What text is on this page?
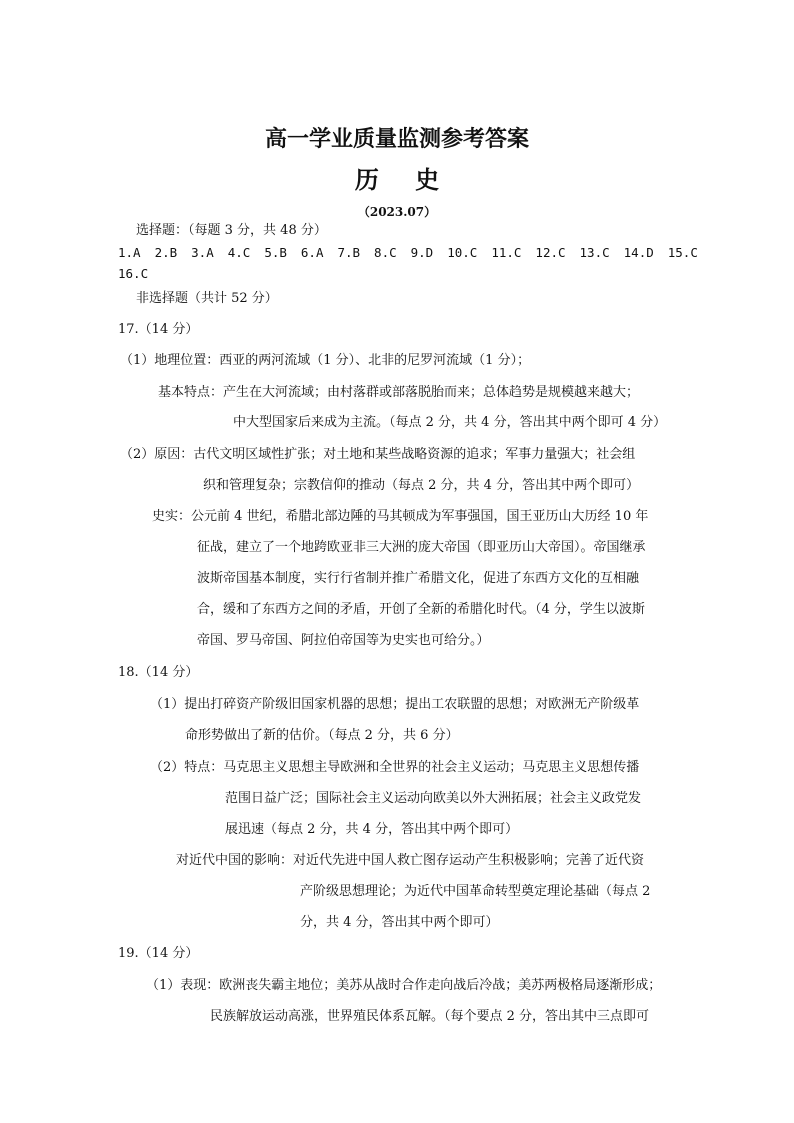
高一学业质量监测参考答案
历 史
（2023.07）
选择题：（每题 3 分，共 48 分）
1.A 2.B 3.A 4.C 5.B 6.A 7.B 8.C 9.D 10.C 11.C 12.C 13.C 14.D 15.C
16.C
非选择题（共计 52 分）
17.（14 分）
（1）地理位置：西亚的两河流域（1 分）、北非的尼罗河流域（1 分）；
基本特点：产生在大河流域；由村落群或部落脱胎而来；总体趋势是规模越来越大；
中大型国家后来成为主流。（每点 2 分，共 4 分，答出其中两个即可 4 分）
（2）原因：古代文明区域性扩张；对土地和某些战略资源的追求；军事力量强大；社会组
织和管理复杂；宗教信仰的推动（每点 2 分，共 4 分，答出其中两个即可）
史实：公元前 4 世纪，希腊北部边陲的马其顿成为军事强国，国王亚历山大历经 10 年
征战，建立了一个地跨欧亚非三大洲的庞大帝国（即亚历山大帝国）。帝国继承
波斯帝国基本制度，实行行省制并推广希腊文化，促进了东西方文化的互相融
合，缓和了东西方之间的矛盾，开创了全新的希腊化时代。（4 分，学生以波斯
帝国、罗马帝国、阿拉伯帝国等为史实也可给分。）
18.（14 分）
（1）提出打碎资产阶级旧国家机器的思想；提出工农联盟的思想；对欧洲无产阶级革
命形势做出了新的估价。（每点 2 分，共 6 分）
（2）特点：马克思主义思想主导欧洲和全世界的社会主义运动；马克思主义思想传播
范围日益广泛；国际社会主义运动向欧美以外大洲拓展；社会主义政党发
展迅速（每点 2 分，共 4 分，答出其中两个即可）
对近代中国的影响：对近代先进中国人救亡图存运动产生积极影响；完善了近代资
产阶级思想理论；为近代中国革命转型奠定理论基础（每点 2
分，共 4 分，答出其中两个即可）
19.（14 分）
（1）表现：欧洲丧失霸主地位；美苏从战时合作走向战后冷战；美苏两极格局逐渐形成；
民族解放运动高涨，世界殖民体系瓦解。（每个要点 2 分，答出其中三点即可
